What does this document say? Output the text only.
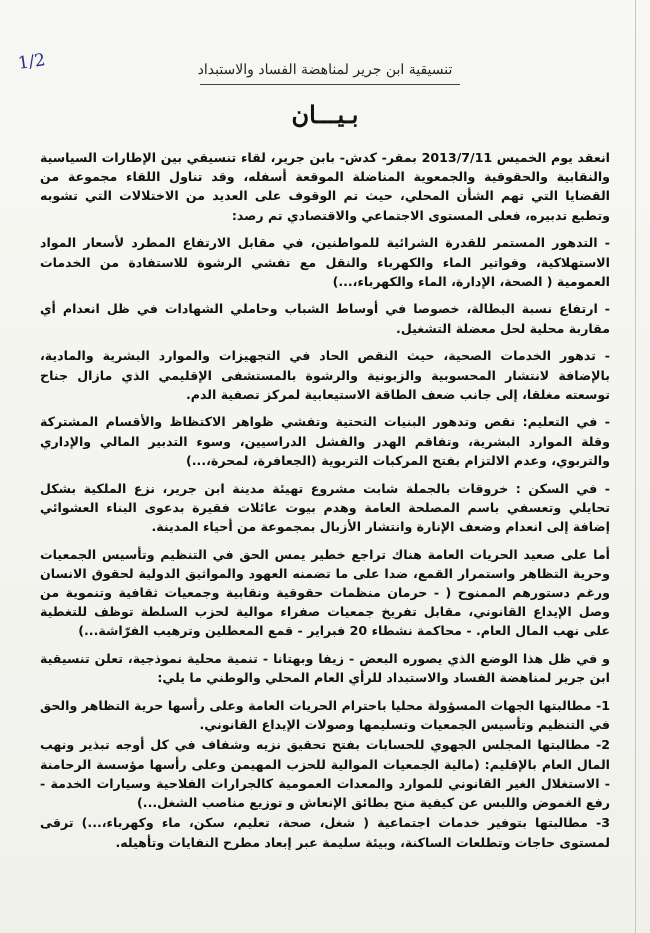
1/2	تنسيقية ابن جرير لمناهضة الفساد والاستبداد
بـيـــان

انعقد يوم الخميس 2013/7/11 بمقر- كدش- بابن جرير، لقاء تنسيقي بين الإطارات السياسية والنقابية والحقوقية والجمعوية المناضلة الموقعة أسفله، وقد تناول اللقاء مجموعة من القضايا التي تهم الشأن المحلي، حيث تم الوقوف على العديد من الاختلالات التي تشوبه وتطبع تدبيره، فعلى المستوى الاجتماعي والاقتصادي تم رصد:

- التدهور المستمر للقدرة الشرائية للمواطنين، في مقابل الارتفاع المطرد لأسعار المواد الاستهلاكية، وفواتير الماء والكهرباء والنقل مع تفشي الرشوة للاستفادة من الخدمات العمومية ( الصحة، الإدارة، الماء والكهرباء،...)

- ارتفاع نسبة البطالة، خصوصا في أوساط الشباب وحاملي الشهادات في ظل انعدام أي مقاربة محلية لحل معضلة التشغيل.

- تدهور الخدمات الصحية، حيث النقص الحاد في التجهيزات والموارد البشرية والمادية، بالإضافة لانتشار المحسوبية والزبونية والرشوة بالمستشفى الإقليمي الذي مازال جناح توسعته مغلقا، إلى جانب ضعف الطاقة الاستيعابية لمركز تصفية الدم.

- في التعليم: نقص وتدهور البنيات التحتية وتفشي ظواهر الاكتظاظ والأقسام المشتركة وقلة الموارد البشرية، وتفاقم الهدر والفشل الدراسيين، وسوء التدبير المالي والإداري والتربوي، وعدم الالتزام بفتح المركبات التربوية (الجعافرة، لمحرة،...)

- في السكن : خروقات بالجملة شابت مشروع تهيئة مدينة ابن جرير، نزع الملكية بشكل تحايلي وتعسفي باسم المصلحة العامة وهدم بيوت عائلات فقيرة بدعوى البناء العشوائي إضافة إلى انعدام وضعف الإنارة وانتشار الأزبال بمجموعة من أحياء المدينة.

أما على صعيد الحريات العامة هناك تراجع خطير يمس الحق في التنظيم وتأسيس الجمعيات وحرية التظاهر واستمرار القمع، ضدا على ما تضمنه العهود والمواثيق الدولية لحقوق الانسان ورغم دستورهم الممنوح ( - حرمان منظمات حقوقية ونقابية وجمعيات ثقافية وتنموية من وصل الإيداع القانوني، مقابل تفريخ جمعيات صفراء موالية لحزب السلطة توظف للتغطية على نهب المال العام. - محاكمة نشطاء 20 فبراير - قمع المعطلين وترهيب الفرّاشة...)

و في ظل هذا الوضع الذي يصوره البعض - زيفا وبهتانا - تنمية محلية نموذجية، تعلن تنسيقية ابن جرير لمناهضة الفساد والاستبداد للرأي العام المحلي والوطني ما يلي:

1- مطالبتها الجهات المسؤولة محليا باحترام الحريات العامة وعلى رأسها حرية التظاهر والحق في التنظيم وتأسيس الجمعيات وتسليمها وصولات الإيداع القانوني.
2- مطالبتها المجلس الجهوي للحسابات بفتح تحقيق نزيه وشفاف في كل أوجه تبذير ونهب المال العام بالإقليم: (مالية الجمعيات الموالية للحزب المهيمن وعلى رأسها مؤسسة الرحامنة - الاستغلال الغير القانوني للموارد والمعدات العمومية كالجرارات الفلاحية وسيارات الخدمة - رفع الغموض واللبس عن كيفية منح بطائق الإنعاش و توزيع مناصب الشغل...)
3- مطالبتها بتوفير خدمات اجتماعية ( شغل، صحة، تعليم، سكن، ماء وكهرباء،...) ترقى لمستوى حاجات وتطلعات الساكنة، وبيئة سليمة عبر إبعاد مطرح النفايات وتأهيله.
